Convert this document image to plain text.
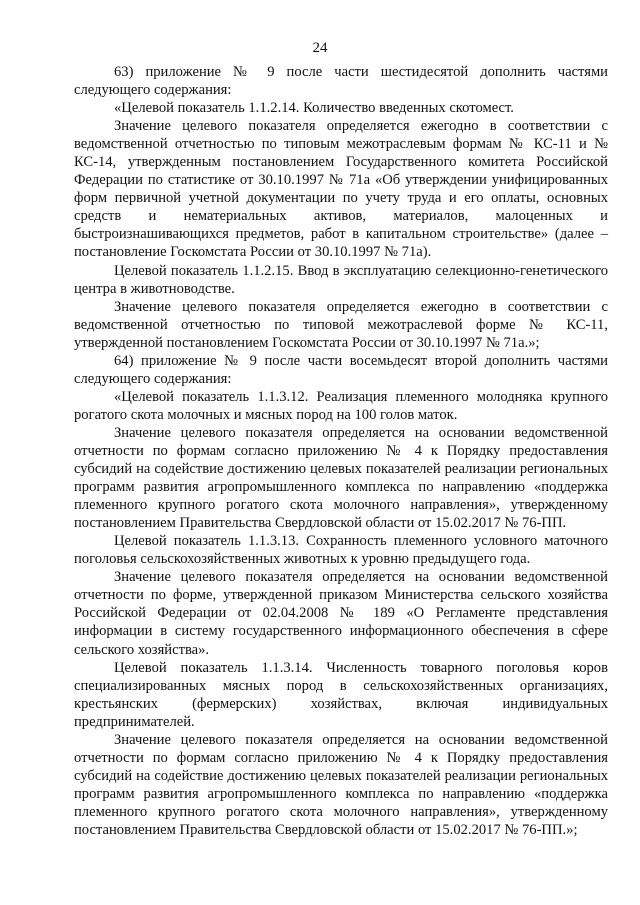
24

63) приложение № 9 после части шестидесятой дополнить частями следующего содержания:

«Целевой показатель 1.1.2.14. Количество введенных скотомест.

Значение целевого показателя определяется ежегодно в соответствии с ведомственной отчетностью по типовым межотраслевым формам № КС-11 и № КС-14, утвержденным постановлением Государственного комитета Российской Федерации по статистике от 30.10.1997 № 71а «Об утверждении унифицированных форм первичной учетной документации по учету труда и его оплаты, основных средств и нематериальных активов, материалов, малоценных и быстроизнашивающихся предметов, работ в капитальном строительстве» (далее – постановление Госкомстата России от 30.10.1997 № 71а).

Целевой показатель 1.1.2.15. Ввод в эксплуатацию селекционно-генетического центра в животноводстве.

Значение целевого показателя определяется ежегодно в соответствии с ведомственной отчетностью по типовой межотраслевой форме № КС-11, утвержденной постановлением Госкомстата России от 30.10.1997 № 71а.»;

64) приложение № 9 после части восемьдесят второй дополнить частями следующего содержания:

«Целевой показатель 1.1.3.12. Реализация племенного молодняка крупного рогатого скота молочных и мясных пород на 100 голов маток.

Значение целевого показателя определяется на основании ведомственной отчетности по формам согласно приложению № 4 к Порядку предоставления субсидий на содействие достижению целевых показателей реализации региональных программ развития агропромышленного комплекса по направлению «поддержка племенного крупного рогатого скота молочного направления», утвержденному постановлением Правительства Свердловской области от 15.02.2017 № 76-ПП.

Целевой показатель 1.1.3.13. Сохранность племенного условного маточного поголовья сельскохозяйственных животных к уровню предыдущего года.

Значение целевого показателя определяется на основании ведомственной отчетности по форме, утвержденной приказом Министерства сельского хозяйства Российской Федерации от 02.04.2008 № 189 «О Регламенте представления информации в систему государственного информационного обеспечения в сфере сельского хозяйства».

Целевой показатель 1.1.3.14. Численность товарного поголовья коров специализированных мясных пород в сельскохозяйственных организациях, крестьянских (фермерских) хозяйствах, включая индивидуальных предпринимателей.

Значение целевого показателя определяется на основании ведомственной отчетности по формам согласно приложению № 4 к Порядку предоставления субсидий на содействие достижению целевых показателей реализации региональных программ развития агропромышленного комплекса по направлению «поддержка племенного крупного рогатого скота молочного направления», утвержденному постановлением Правительства Свердловской области от 15.02.2017 № 76-ПП.»;
